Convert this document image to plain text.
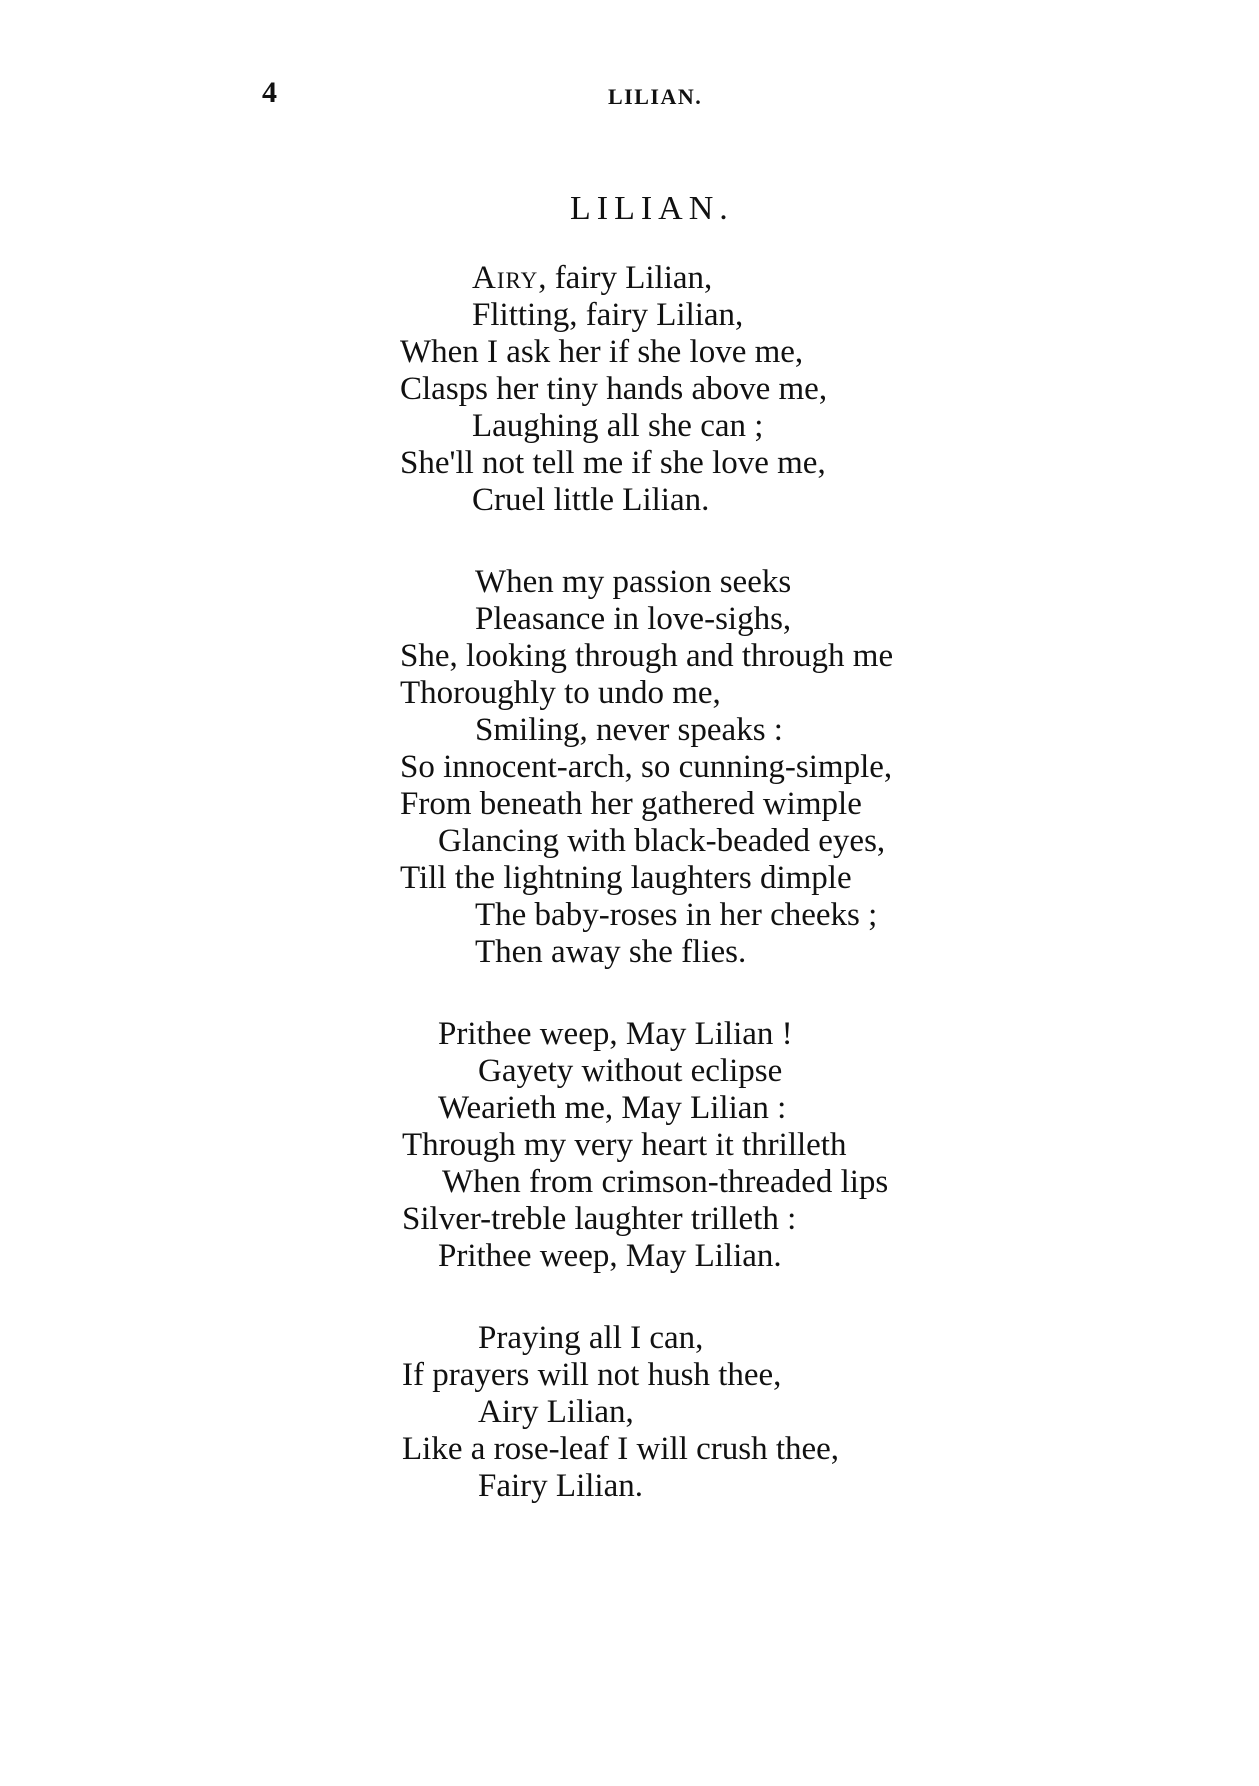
4	LILIAN.
LILIAN.
Airy, fairy Lilian,
Flitting, fairy Lilian,
When I ask her if she love me,
Clasps her tiny hands above me,
Laughing all she can ;
She'll not tell me if she love me,
Cruel little Lilian.
When my passion seeks
Pleasance in love-sighs,
She, looking through and through me
Thoroughly to undo me,
Smiling, never speaks :
So innocent-arch, so cunning-simple,
From beneath her gathered wimple
Glancing with black-beaded eyes,
Till the lightning laughters dimple
The baby-roses in her cheeks ;
Then away she flies.
Prithee weep, May Lilian !
Gayety without eclipse
Wearieth me, May Lilian :
Through my very heart it thrilleth
When from crimson-threaded lips
Silver-treble laughter trilleth :
Prithee weep, May Lilian.
Praying all I can,
If prayers will not hush thee,
Airy Lilian,
Like a rose-leaf I will crush thee,
Fairy Lilian.
